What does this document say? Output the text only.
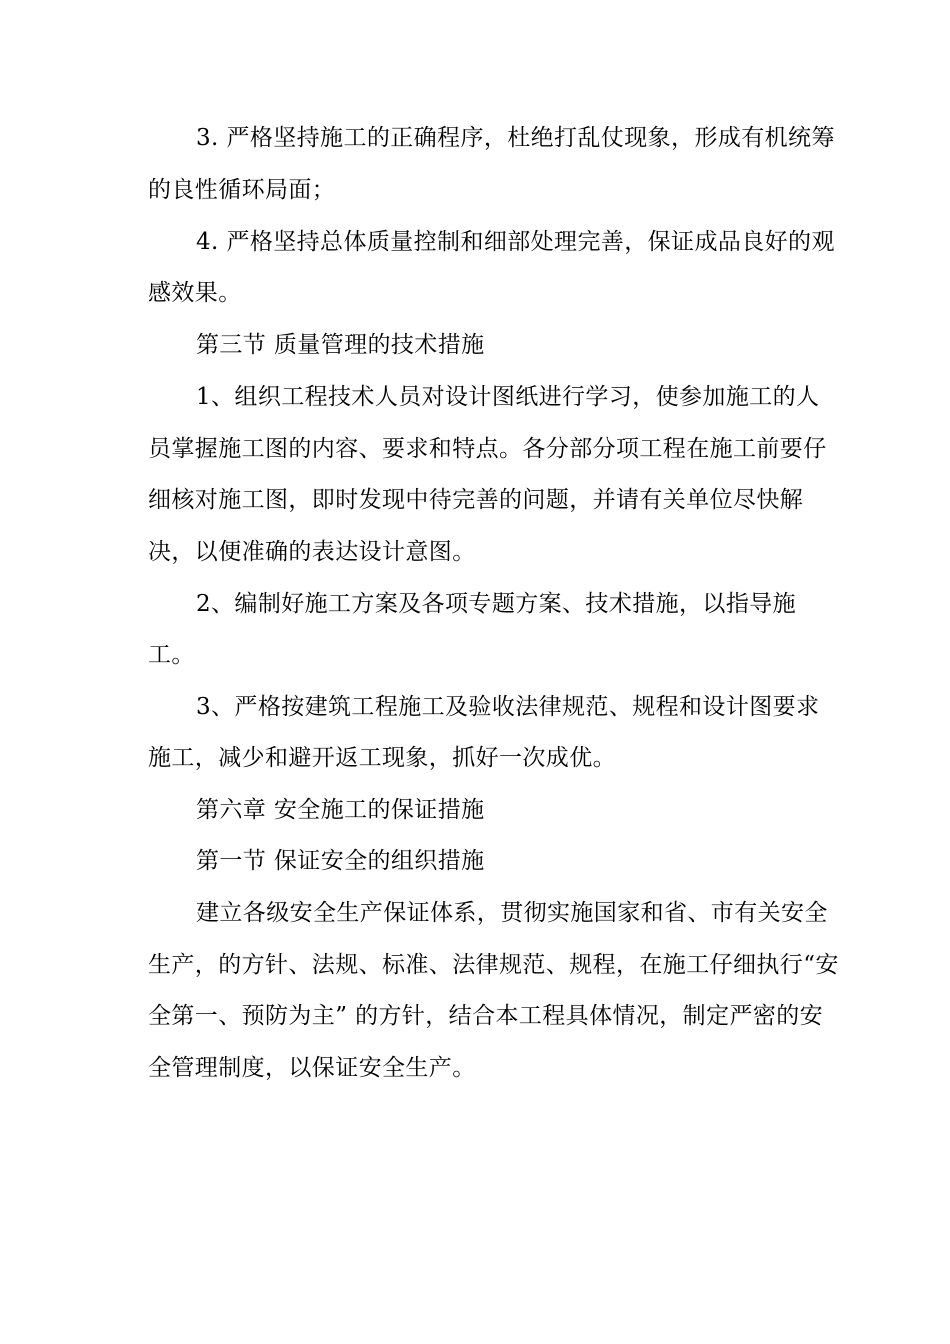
3. 严格坚持施工的正确程序，杜绝打乱仗现象，形成有机统筹
的良性循环局面；
4. 严格坚持总体质量控制和细部处理完善，保证成品良好的观
感效果。
第三节 质量管理的技术措施
1、组织工程技术人员对设计图纸进行学习，使参加施工的人
员掌握施工图的内容、要求和特点。各分部分项工程在施工前要仔
细核对施工图，即时发现中待完善的问题，并请有关单位尽快解
决，以便准确的表达设计意图。
2、编制好施工方案及各项专题方案、技术措施，以指导施
工。
3、严格按建筑工程施工及验收法律规范、规程和设计图要求
施工，减少和避开返工现象，抓好一次成优。
第六章 安全施工的保证措施
第一节 保证安全的组织措施
建立各级安全生产保证体系，贯彻实施国家和省、市有关安全
生产，的方针、法规、标准、法律规范、规程，在施工仔细执行“安
全第一、预防为主” 的方针，结合本工程具体情况，制定严密的安
全管理制度，以保证安全生产。
